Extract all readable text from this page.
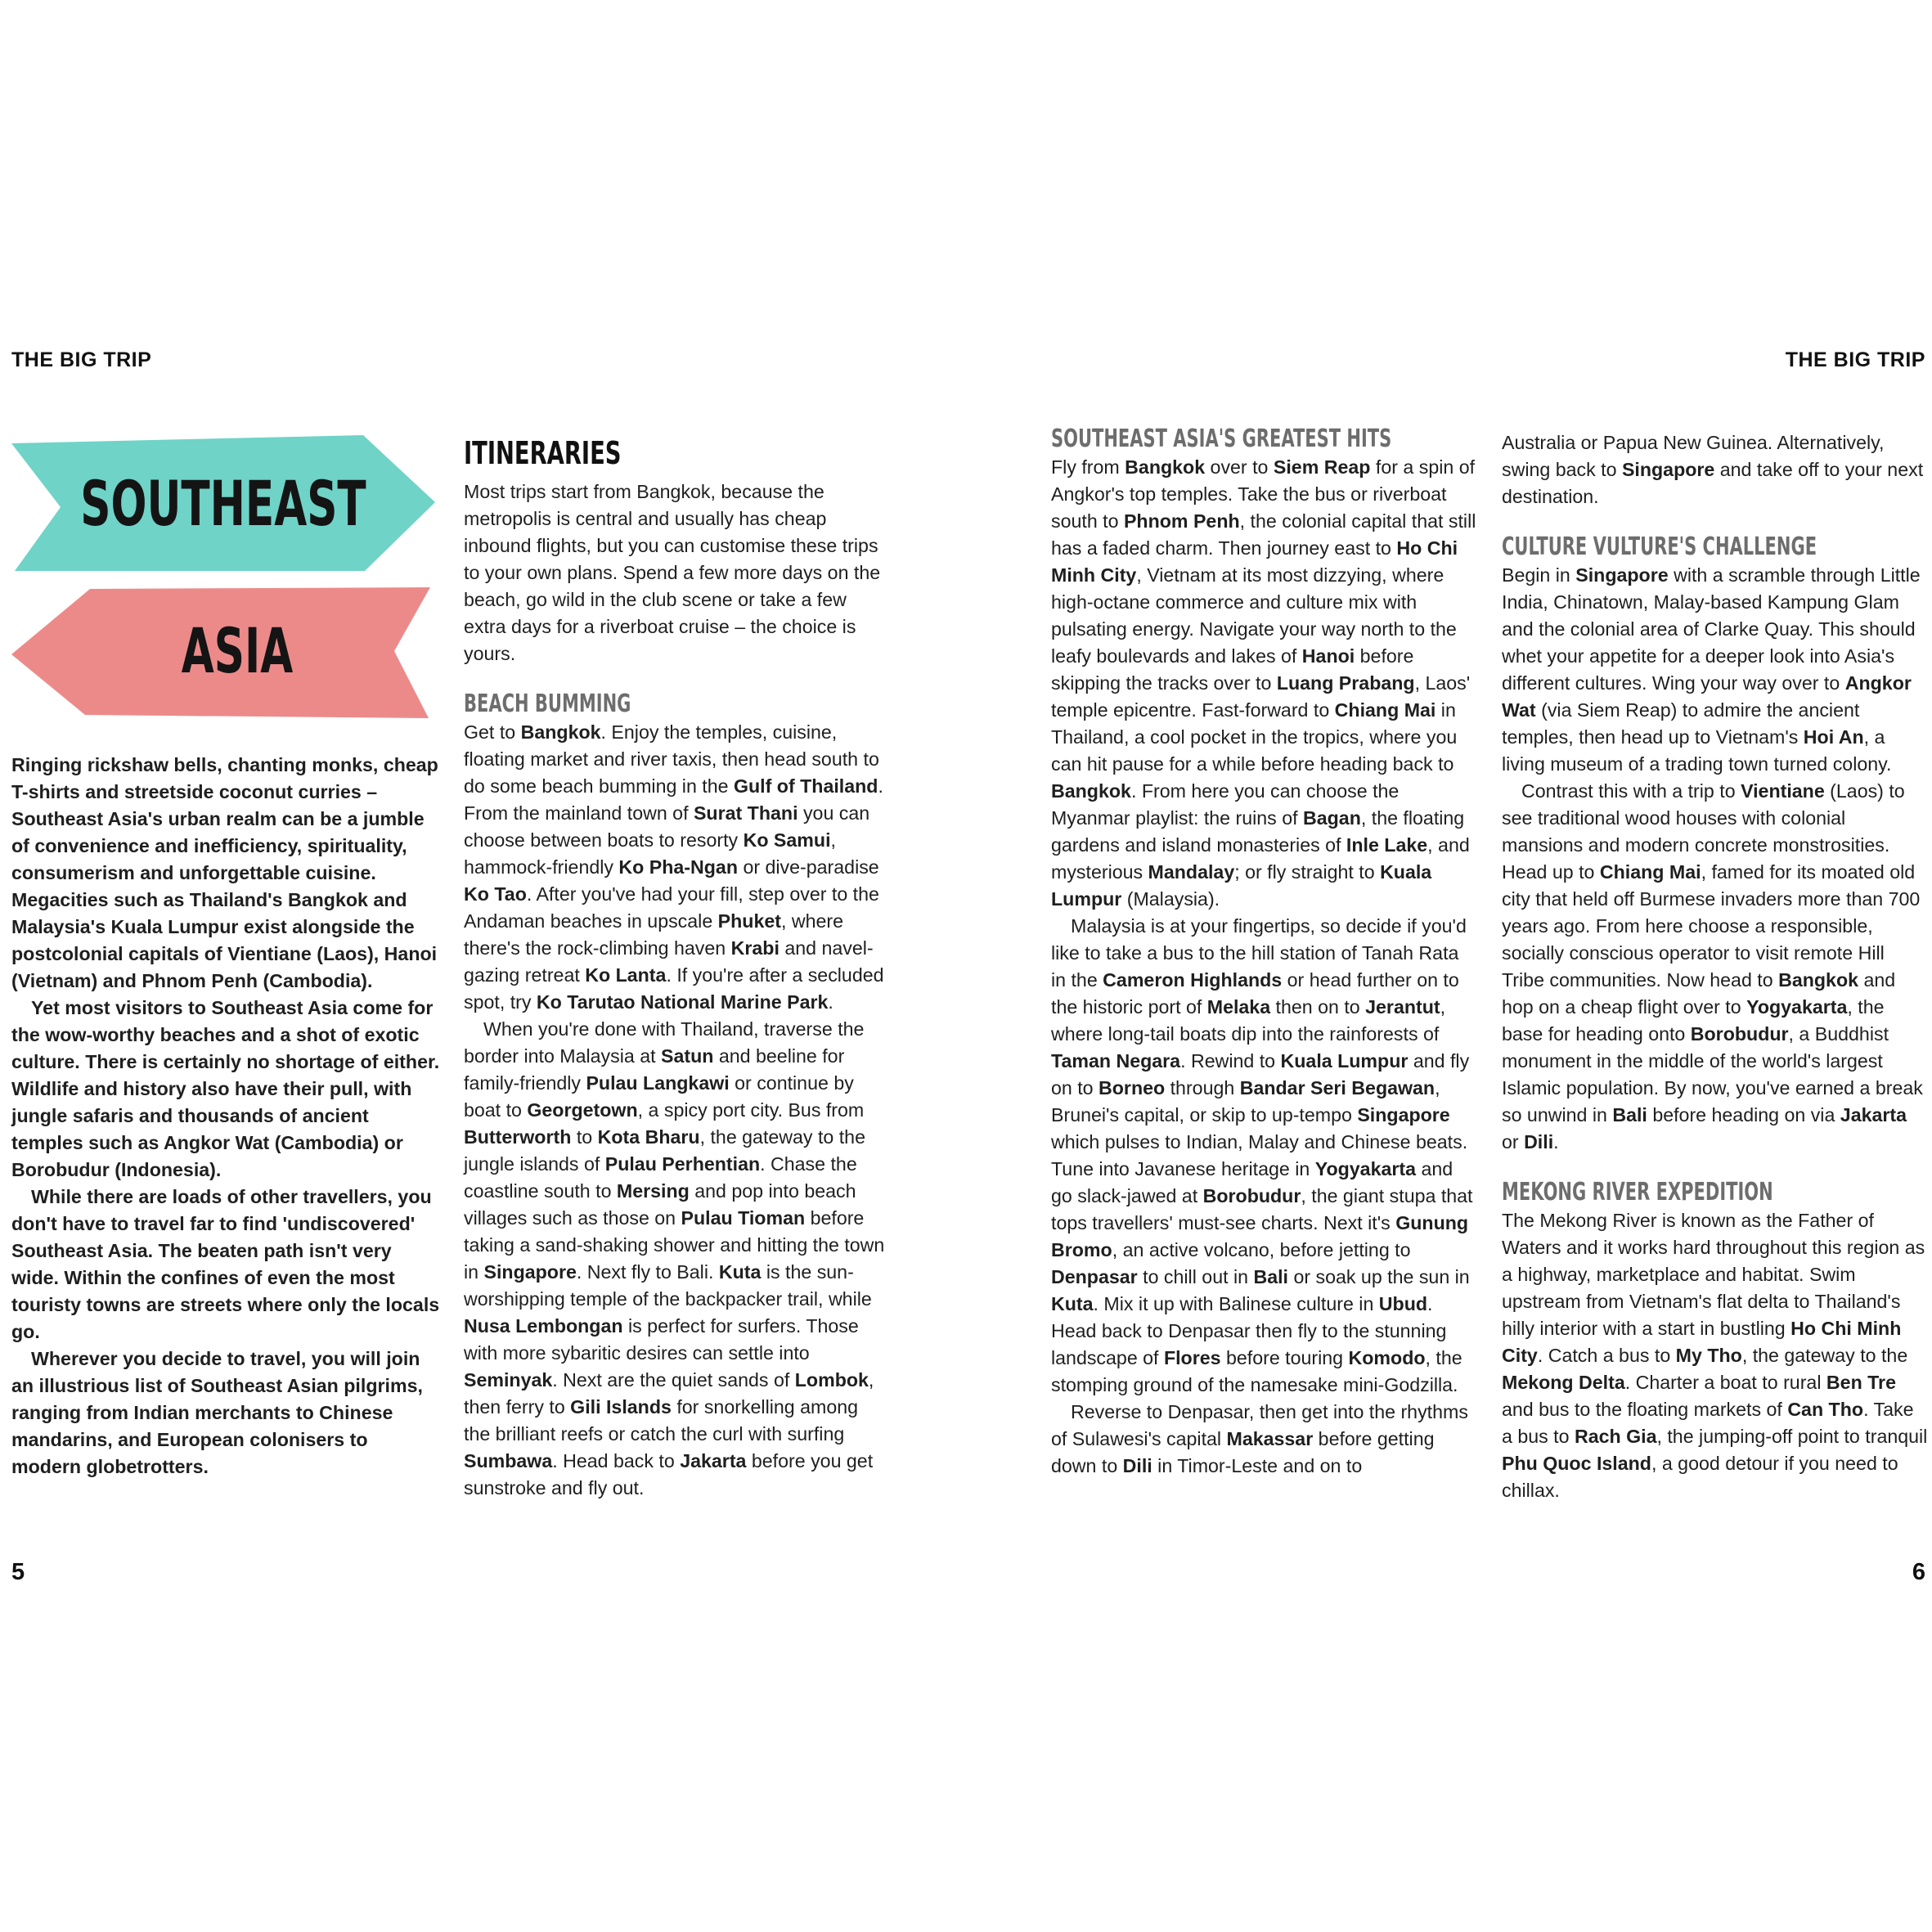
THE BIG TRIP	THE BIG TRIP
SOUTHEAST
ASIA

Ringing rickshaw bells, chanting monks, cheap T-shirts and streetside coconut curries – Southeast Asia's urban realm can be a jumble of convenience and inefficiency, spirituality, consumerism and unforgettable cuisine. Megacities such as Thailand's Bangkok and Malaysia's Kuala Lumpur exist alongside the postcolonial capitals of Vientiane (Laos), Hanoi (Vietnam) and Phnom Penh (Cambodia).

Yet most visitors to Southeast Asia come for the wow-worthy beaches and a shot of exotic culture. There is certainly no shortage of either. Wildlife and history also have their pull, with jungle safaris and thousands of ancient temples such as Angkor Wat (Cambodia) or Borobudur (Indonesia).

While there are loads of other travellers, you don't have to travel far to find 'undiscovered' Southeast Asia. The beaten path isn't very wide. Within the confines of even the most touristy towns are streets where only the locals go.

Wherever you decide to travel, you will join an illustrious list of Southeast Asian pilgrims, ranging from Indian merchants to Chinese mandarins, and European colonisers to modern globetrotters.

ITINERARIES

Most trips start from Bangkok, because the metropolis is central and usually has cheap inbound flights, but you can customise these trips to your own plans. Spend a few more days on the beach, go wild in the club scene or take a few extra days for a riverboat cruise – the choice is yours.

BEACH BUMMING

Get to Bangkok. Enjoy the temples, cuisine, floating market and river taxis, then head south to do some beach bumming in the Gulf of Thailand. From the mainland town of Surat Thani you can choose between boats to resorty Ko Samui, hammock-friendly Ko Pha-Ngan or dive-paradise Ko Tao. After you've had your fill, step over to the Andaman beaches in upscale Phuket, where there's the rock-climbing haven Krabi and navel-gazing retreat Ko Lanta. If you're after a secluded spot, try Ko Tarutao National Marine Park.

When you're done with Thailand, traverse the border into Malaysia at Satun and beeline for family-friendly Pulau Langkawi or continue by boat to Georgetown, a spicy port city. Bus from Butterworth to Kota Bharu, the gateway to the jungle islands of Pulau Perhentian. Chase the coastline south to Mersing and pop into beach villages such as those on Pulau Tioman before taking a sand-shaking shower and hitting the town in Singapore. Next fly to Bali. Kuta is the sun-worshipping temple of the backpacker trail, while Nusa Lembongan is perfect for surfers. Those with more sybaritic desires can settle into Seminyak. Next are the quiet sands of Lombok, then ferry to Gili Islands for snorkelling among the brilliant reefs or catch the curl with surfing Sumbawa. Head back to Jakarta before you get sunstroke and fly out.

SOUTHEAST ASIA'S GREATEST HITS

Fly from Bangkok over to Siem Reap for a spin of Angkor's top temples. Take the bus or riverboat south to Phnom Penh, the colonial capital that still has a faded charm. Then journey east to Ho Chi Minh City, Vietnam at its most dizzying, where high-octane commerce and culture mix with pulsating energy. Navigate your way north to the leafy boulevards and lakes of Hanoi before skipping the tracks over to Luang Prabang, Laos' temple epicentre. Fast-forward to Chiang Mai in Thailand, a cool pocket in the tropics, where you can hit pause for a while before heading back to Bangkok. From here you can choose the Myanmar playlist: the ruins of Bagan, the floating gardens and island monasteries of Inle Lake, and mysterious Mandalay; or fly straight to Kuala Lumpur (Malaysia).

Malaysia is at your fingertips, so decide if you'd like to take a bus to the hill station of Tanah Rata in the Cameron Highlands or head further on to the historic port of Melaka then on to Jerantut, where long-tail boats dip into the rainforests of Taman Negara. Rewind to Kuala Lumpur and fly on to Borneo through Bandar Seri Begawan, Brunei's capital, or skip to up-tempo Singapore which pulses to Indian, Malay and Chinese beats. Tune into Javanese heritage in Yogyakarta and go slack-jawed at Borobudur, the giant stupa that tops travellers' must-see charts. Next it's Gunung Bromo, an active volcano, before jetting to Denpasar to chill out in Bali or soak up the sun in Kuta. Mix it up with Balinese culture in Ubud. Head back to Denpasar then fly to the stunning landscape of Flores before touring Komodo, the stomping ground of the namesake mini-Godzilla.

Reverse to Denpasar, then get into the rhythms of Sulawesi's capital Makassar before getting down to Dili in Timor-Leste and on to

Australia or Papua New Guinea. Alternatively, swing back to Singapore and take off to your next destination.

CULTURE VULTURE'S CHALLENGE

Begin in Singapore with a scramble through Little India, Chinatown, Malay-based Kampung Glam and the colonial area of Clarke Quay. This should whet your appetite for a deeper look into Asia's different cultures. Wing your way over to Angkor Wat (via Siem Reap) to admire the ancient temples, then head up to Vietnam's Hoi An, a living museum of a trading town turned colony.

Contrast this with a trip to Vientiane (Laos) to see traditional wood houses with colonial mansions and modern concrete monstrosities. Head up to Chiang Mai, famed for its moated old city that held off Burmese invaders more than 700 years ago. From here choose a responsible, socially conscious operator to visit remote Hill Tribe communities. Now head to Bangkok and hop on a cheap flight over to Yogyakarta, the base for heading onto Borobudur, a Buddhist monument in the middle of the world's largest Islamic population. By now, you've earned a break so unwind in Bali before heading on via Jakarta or Dili.

MEKONG RIVER EXPEDITION

The Mekong River is known as the Father of Waters and it works hard throughout this region as a highway, marketplace and habitat. Swim upstream from Vietnam's flat delta to Thailand's hilly interior with a start in bustling Ho Chi Minh City. Catch a bus to My Tho, the gateway to the Mekong Delta. Charter a boat to rural Ben Tre and bus to the floating markets of Can Tho. Take a bus to Rach Gia, the jumping-off point to tranquil Phu Quoc Island, a good detour if you need to chillax.

5	6
